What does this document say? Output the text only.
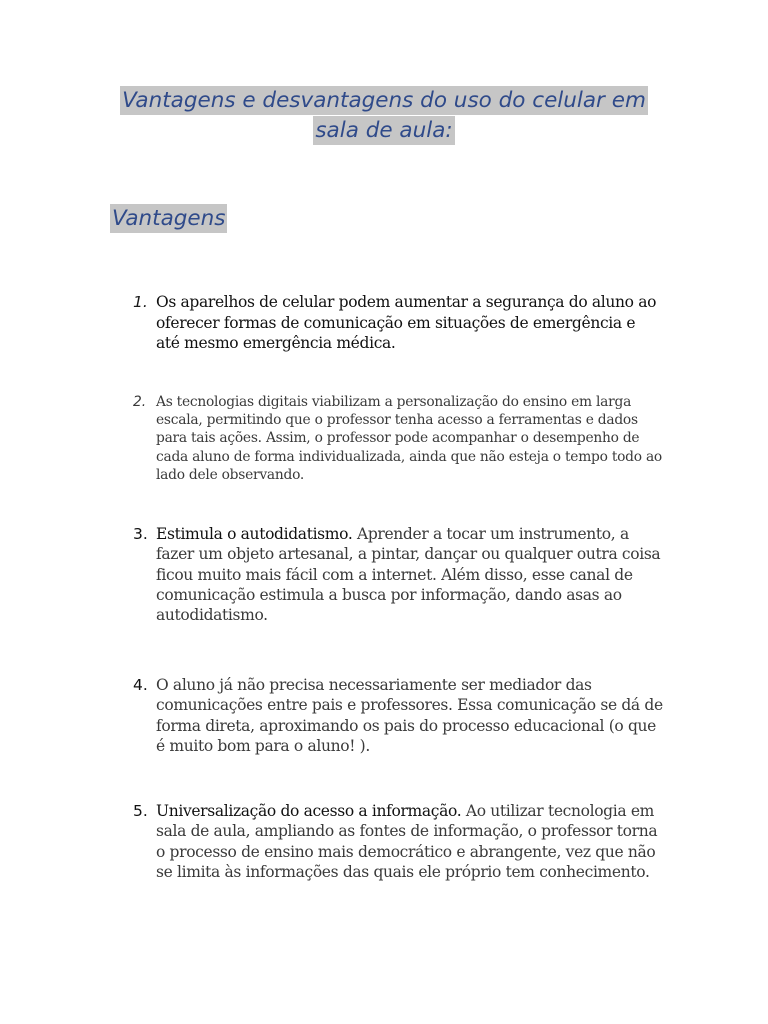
Vantagens e desvantagens do uso do celular em
sala de aula:
Vantagens
1. Os aparelhos de celular podem aumentar a segurança do aluno ao oferecer formas de comunicação em situações de emergência e até mesmo emergência médica.
2. As tecnologias digitais viabilizam a personalização do ensino em larga escala, permitindo que o professor tenha acesso a ferramentas e dados para tais ações. Assim, o professor pode acompanhar o desempenho de cada aluno de forma individualizada, ainda que não esteja o tempo todo ao lado dele observando.
3. Estimula o autodidatismo. Aprender a tocar um instrumento, a fazer um objeto artesanal, a pintar, dançar ou qualquer outra coisa ficou muito mais fácil com a internet. Além disso, esse canal de comunicação estimula a busca por informação, dando asas ao autodidatismo.
4. O aluno já não precisa necessariamente ser mediador das comunicações entre pais e professores. Essa comunicação se dá de forma direta, aproximando os pais do processo educacional (o que é muito bom para o aluno! ).
5. Universalização do acesso a informação. Ao utilizar tecnologia em sala de aula, ampliando as fontes de informação, o professor torna o processo de ensino mais democrático e abrangente, vez que não se limita às informações das quais ele próprio tem conhecimento.
